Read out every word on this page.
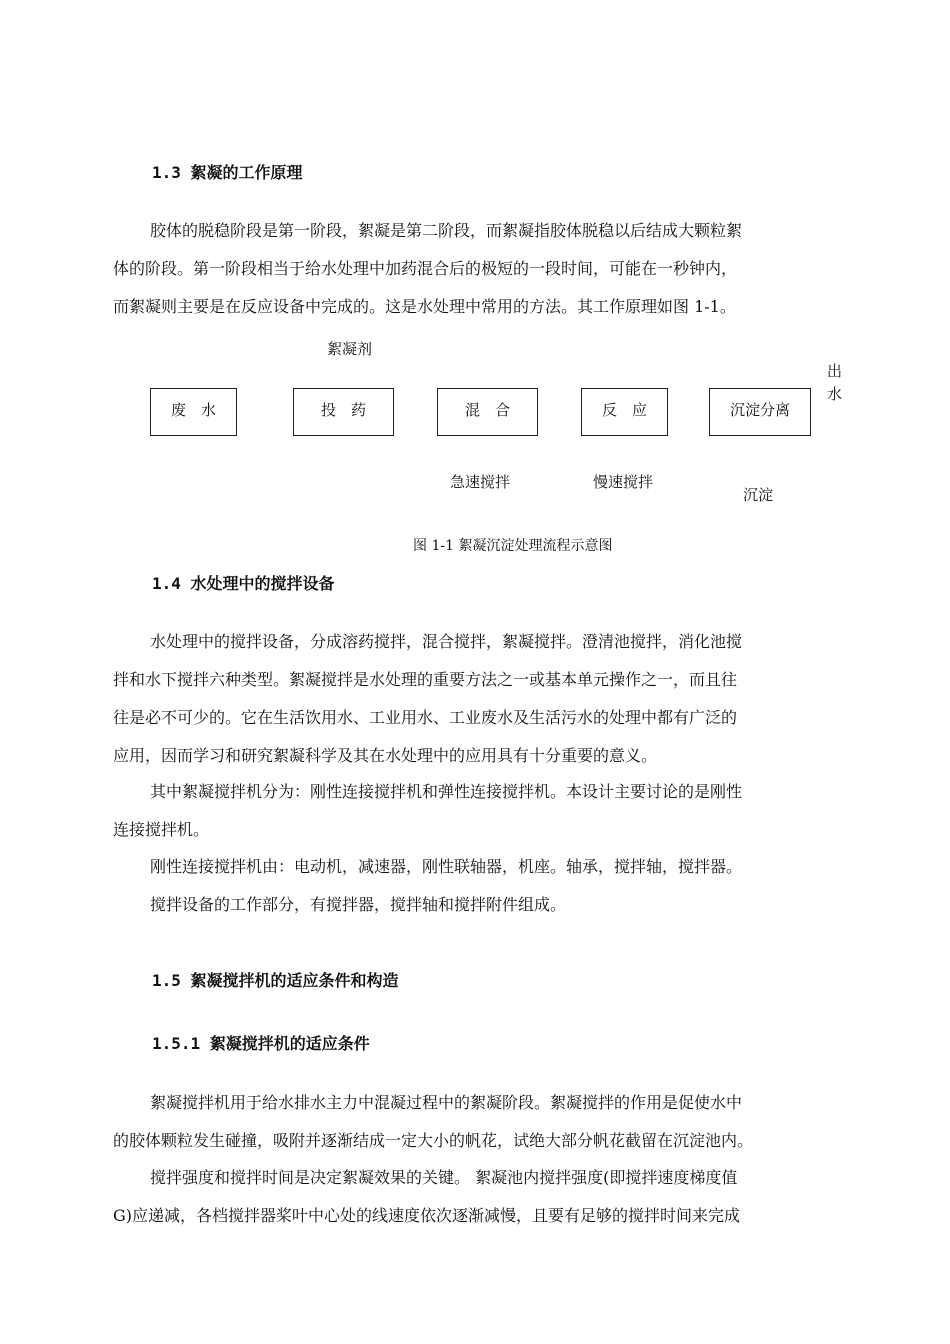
1.3 絮凝的工作原理
胶体的脱稳阶段是第一阶段，絮凝是第二阶段，而絮凝指胶体脱稳以后结成大颗粒絮
体的阶段。第一阶段相当于给水处理中加药混合后的极短的一段时间，可能在一秒钟内，
而絮凝则主要是在反应设备中完成的。这是水处理中常用的方法。其工作原理如图 1-1。
絮凝剂
出
水
废　水	投　药	混　合	反　应	沉淀分离
急速搅拌	慢速搅拌
沉淀
图 1-1 絮凝沉淀处理流程示意图
1.4 水处理中的搅拌设备
水处理中的搅拌设备，分成溶药搅拌，混合搅拌，絮凝搅拌。澄清池搅拌，消化池搅
拌和水下搅拌六种类型。絮凝搅拌是水处理的重要方法之一或基本单元操作之一，而且往
往是必不可少的。它在生活饮用水、工业用水、工业废水及生活污水的处理中都有广泛的
应用，因而学习和研究絮凝科学及其在水处理中的应用具有十分重要的意义。
其中絮凝搅拌机分为：刚性连接搅拌机和弹性连接搅拌机。本设计主要讨论的是刚性
连接搅拌机。
刚性连接搅拌机由：电动机，减速器，刚性联轴器，机座。轴承，搅拌轴，搅拌器。
搅拌设备的工作部分，有搅拌器，搅拌轴和搅拌附件组成。
1.5 絮凝搅拌机的适应条件和构造
1.5.1 絮凝搅拌机的适应条件
絮凝搅拌机用于给水排水主力中混凝过程中的絮凝阶段。絮凝搅拌的作用是促使水中
的胶体颗粒发生碰撞，吸附并逐渐结成一定大小的帆花，试绝大部分帆花截留在沉淀池内。
搅拌强度和搅拌时间是决定絮凝效果的关键。 絮凝池内搅拌强度(即搅拌速度梯度值
G)应递减，各档搅拌器桨叶中心处的线速度依次逐渐减慢，且要有足够的搅拌时间来完成
